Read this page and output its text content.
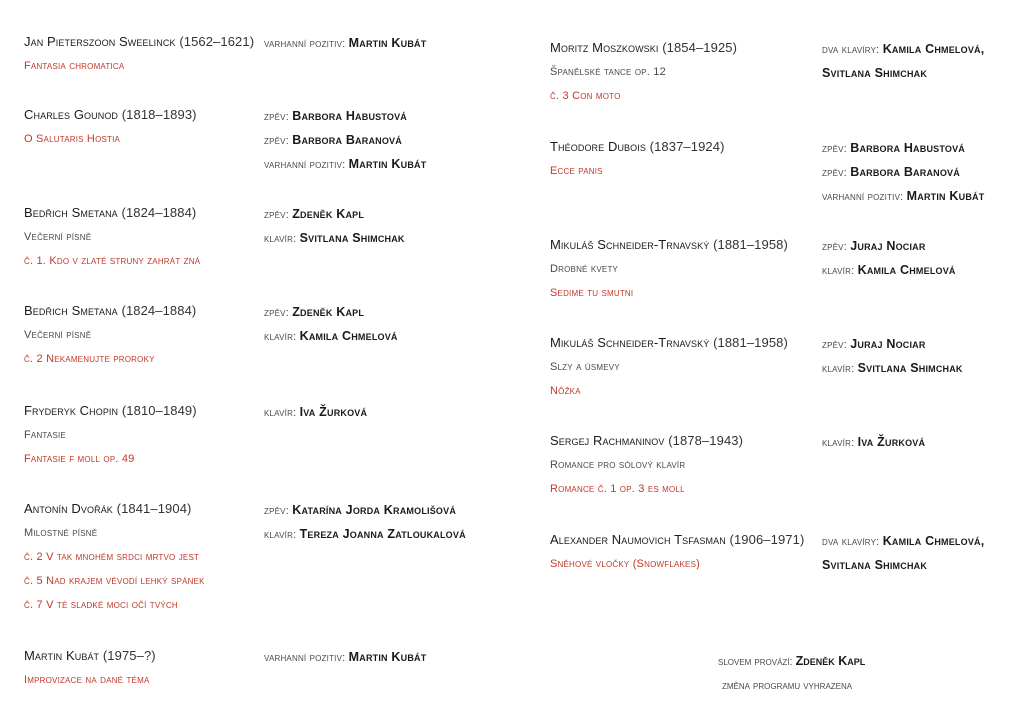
Jan Pieterszoon Sweelinck (1562–1621)
Fantasia chromatica
varhanní pozitiv: Martin Kubát
Charles Gounod (1818–1893)
O Salutaris Hostia
zpěv: Barbora Habustová
zpěv: Barbora Baranová
varhanní pozitiv: Martin Kubát
Bedřich Smetana (1824–1884)
Večerní písně
č. 1. Kdo v zlaté struny zahrát zná
zpěv: Zdeněk Kapl
klavír: Svitlana Shimchak
Bedřich Smetana (1824–1884)
Večerní písně
č. 2 Nekamenujte proroky
zpěv: Zdeněk Kapl
klavír: Kamila Chmelová
Fryderyk Chopin (1810–1849)
Fantasie
Fantasie f moll op. 49
klavír: Iva Žurková
Antonín Dvořák (1841–1904)
Milostné písně
č. 2 V tak mnohém srdci mrtvo jest
č. 5 Nad krajem vévodí lehký spánek
č. 7 V té sladké moci očí tvých
zpěv: Katarína Jorda Kramolišová
klavír: Tereza Joanna Zatloukalová
Martin Kubát (1975–?)
Improvizace na dané téma
varhanní pozitiv: Martin Kubát
Moritz Moszkowski (1854–1925)
Španělské tance op. 12
č. 3 Con moto
dva klavíry: Kamila Chmelová,
Svitlana Shimchak
Théodore Dubois (1837–1924)
Ecce panis
zpěv: Barbora Habustová
zpěv: Barbora Baranová
varhanní pozitiv: Martin Kubát
Mikuláš Schneider-Trnavský (1881–1958)
Drobné kvety
Sedime tu smutni
zpěv: Juraj Nociar
klavír: Kamila Chmelová
Mikuláš Schneider-Trnavský (1881–1958)
Slzy a úsmevy
Nôžka
zpěv: Juraj Nociar
klavír: Svitlana Shimchak
Sergej Rachmaninov (1878–1943)
Romance pro sólový klavír
Romance č. 1 op. 3 es moll
klavír: Iva Žurková
Alexander Naumovich Tsfasman (1906–1971)
Sněhové vločky (Snowflakes)
dva klavíry: Kamila Chmelová,
Svitlana Shimchak
slovem provází: Zdeněk Kapl
změna programu vyhrazena
